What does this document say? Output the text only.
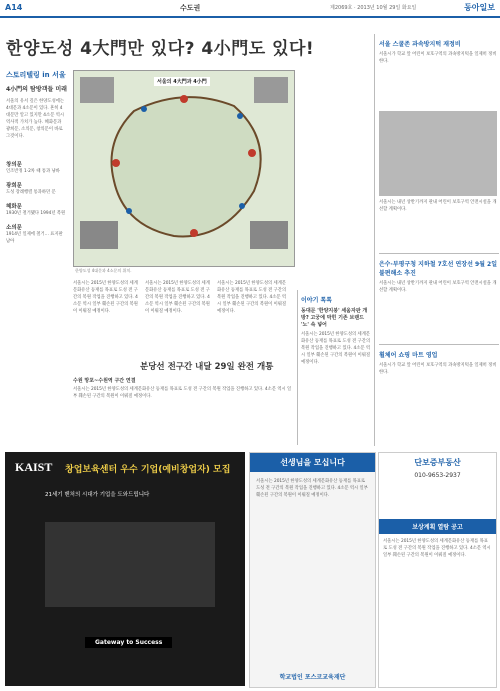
A14	수도권	제2069호 · 2013년 10월 29일 화요일	동아일보
한양도성 4大門만 있다? 4小門도 있다!
스토리텔링 in 서울
4小門의 탐방객들 미래
서울의 유서 깊은 한양도성에는 4대문과 4소문이 있다. 흔히 4대문만 알고 있지만 4소문 역시 역사적 가치가 높다. 혜화문과 광희문, 소의문, 창의문이 바로 그것이다.
창의문
인조반정 1·2차 때 통과 냥바
광희문
도성 장례행렬 통과하던 문
혜화문
1930년 철거됐다 1994년 복원
소의문
1914년 일제에 철거… 표지판 남아
서울의 4大門과 4小門
한양도성 4대문과 4소문의 위치.
서울시는 2015년 한양도성의 세계문화유산 등재를 목표로 도성 전 구간의 복원 작업을 진행하고 있다. 4소문 역시 일부 훼손된 구간의 복원이 이뤄질 예정이다.
서울시는 2015년 한양도성의 세계문화유산 등재를 목표로 도성 전 구간의 복원 작업을 진행하고 있다. 4소문 역시 일부 훼손된 구간의 복원이 이뤄질 예정이다.
서울시는 2015년 한양도성의 세계문화유산 등재를 목표로 도성 전 구간의 복원 작업을 진행하고 있다. 4소문 역시 일부 훼손된 구간의 복원이 이뤄질 예정이다.
분당선 전구간 내달 29일 완전 개통
수원 망포~수원역 구간 연결
서울시는 2015년 한양도성의 세계문화유산 등재를 목표로 도성 전 구간의 복원 작업을 진행하고 있다. 4소문 역시 일부 훼손된 구간의 복원이 이뤄질 예정이다.
이야기 톡톡
동대문 '한양지붕' 세움자판 개방? 고궁에 막힌 기존 브랜드 '노' 속 넣어
서울시는 2015년 한양도성의 세계문화유산 등재를 목표로 도성 전 구간의 복원 작업을 진행하고 있다. 4소문 역시 일부 훼손된 구간의 복원이 이뤄질 예정이다.
서울 스쿨존 과속방지턱 재정비
서울시가 학교 앞 어린이 보호구역의 과속방지턱을 일제히 정비한다.
서울시는 내년 상반기까지 관내 어린이 보호구역 안전시설을 개선할 계획이다.
은수·부평구청 지하철 7호선 연장선 9월 2일 불편해소 추진
서울시는 내년 상반기까지 관내 어린이 보호구역 안전시설을 개선할 계획이다.
휠체어 쇼핑 마트 영업
서울시가 학교 앞 어린이 보호구역의 과속방지턱을 일제히 정비한다.
KAIST 창업보육센터 우수 기업(예비창업자) 모집
21세기 벤처의 시대가 기업을 도와드립니다
Gateway to Success
선생님을 모십니다
서울시는 2015년 한양도성의 세계문화유산 등재를 목표로 도성 전 구간의 복원 작업을 진행하고 있다. 4소문 역시 일부 훼손된 구간의 복원이 이뤄질 예정이다.
학교법인 포스코교육재단
단보증부동산
010-9653-2937
보상계획 열람 공고
서울시는 2015년 한양도성의 세계문화유산 등재를 목표로 도성 전 구간의 복원 작업을 진행하고 있다. 4소문 역시 일부 훼손된 구간의 복원이 이뤄질 예정이다.
